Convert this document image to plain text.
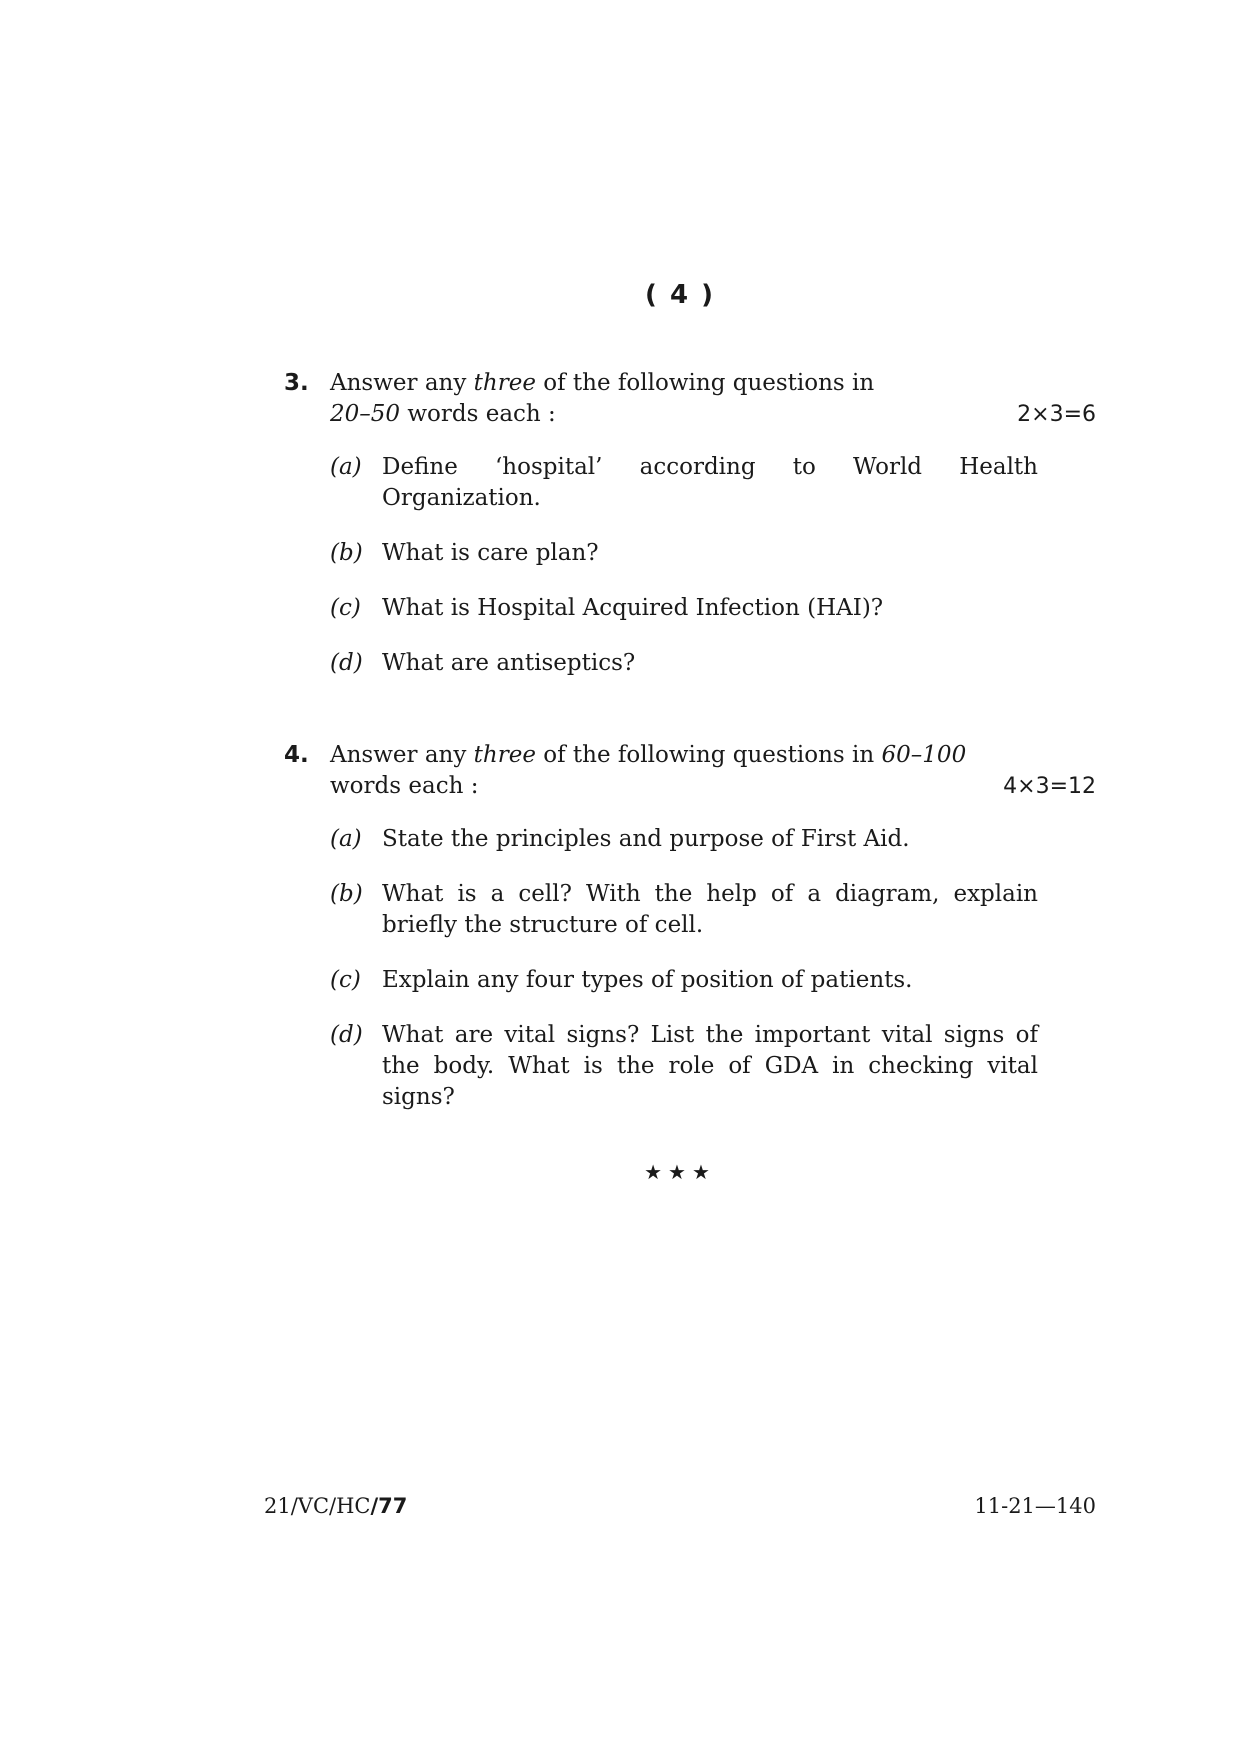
( 4 )
3. Answer any three of the following questions in
20–50 words each :	2×3=6
(a) Define ‘hospital’ according to World Health Organization.
(b) What is care plan?
(c) What is Hospital Acquired Infection (HAI)?
(d) What are antiseptics?
4. Answer any three of the following questions in 60–100
words each :	4×3=12
(a) State the principles and purpose of First Aid.
(b) What is a cell? With the help of a diagram, explain briefly the structure of cell.
(c) Explain any four types of position of patients.
(d) What are vital signs? List the important vital signs of the body. What is the role of GDA in checking vital signs?
★★★
21/VC/HC/77	11-21—140
